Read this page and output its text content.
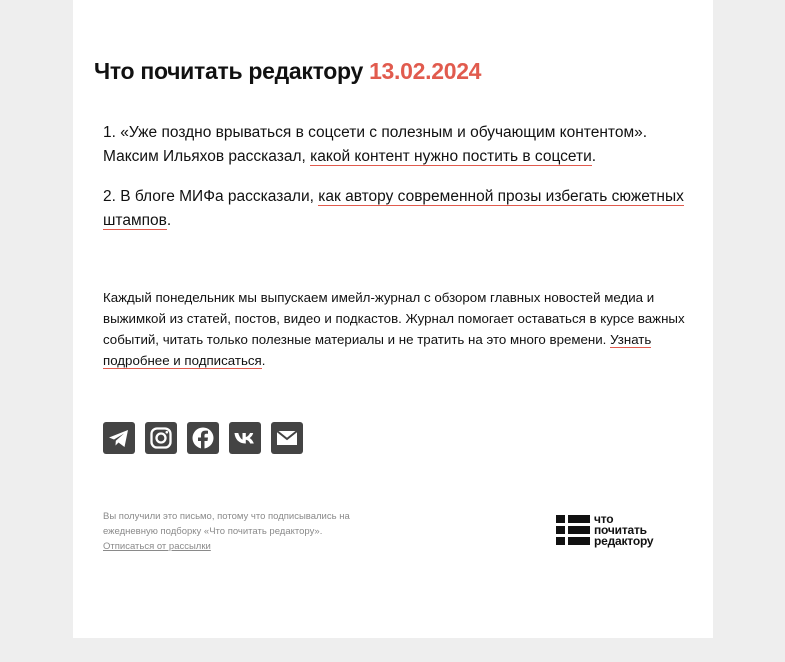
Что почитать редактору 13.02.2024

1. «Уже поздно врываться в соцсети с полезным и обучающим контентом». Максим Ильяхов рассказал, какой контент нужно постить в соцсети.

2. В блоге МИФа рассказали, как автору современной прозы избегать сюжетных штампов.

Каждый понедельник мы выпускаем имейл-журнал с обзором главных новостей медиа и выжимкой из статей, постов, видео и подкастов. Журнал помогает оставаться в курсе важных событий, читать только полезные материалы и не тратить на это много времени. Узнать подробнее и подписаться.
Вы получили это письмо, потому что подписывались на ежедневную подборку «Что почитать редактору».
Отписаться от рассылки
что
почитать
редактору
